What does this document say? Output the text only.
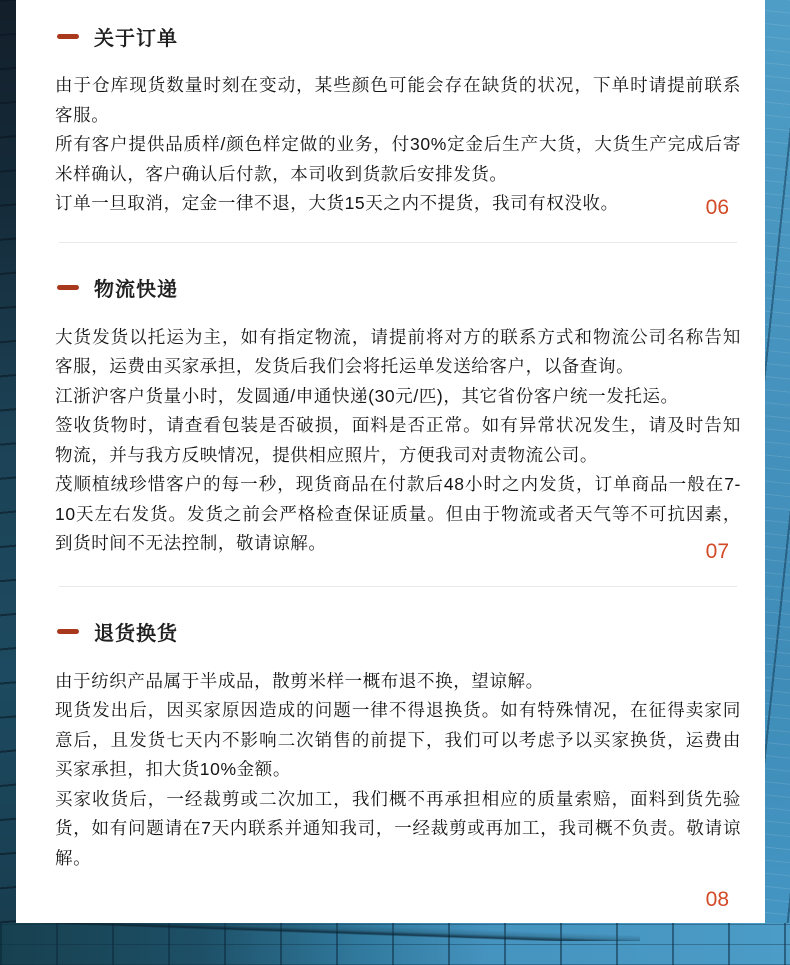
关于订单

由于仓库现货数量时刻在变动，某些颜色可能会存在缺货的状况，下单时请提前联系客服。

所有客户提供品质样/颜色样定做的业务，付30%定金后生产大货，大货生产完成后寄米样确认，客户确认后付款，本司收到货款后安排发货。

订单一旦取消，定金一律不退，大货15天之内不提货，我司有权没收。	06
物流快递

大货发货以托运为主，如有指定物流，请提前将对方的联系方式和物流公司名称告知客服，运费由买家承担，发货后我们会将托运单发送给客户，以备查询。

江浙沪客户货量小时，发圆通/申通快递(30元/匹)，其它省份客户统一发托运。

签收货物时，请查看包装是否破损，面料是否正常。如有异常状况发生，请及时告知物流，并与我方反映情况，提供相应照片，方便我司对责物流公司。

茂顺植绒珍惜客户的每一秒，现货商品在付款后48小时之内发货，订单商品一般在7-10天左右发货。发货之前会严格检查保证质量。但由于物流或者天气等不可抗因素，到货时间不无法控制，敬请谅解。	07
退货换货

由于纺织产品属于半成品，散剪米样一概布退不换，望谅解。

现货发出后，因买家原因造成的问题一律不得退换货。如有特殊情况，在征得卖家同意后，且发货七天内不影响二次销售的前提下，我们可以考虑予以买家换货，运费由买家承担，扣大货10%金额。

买家收货后，一经裁剪或二次加工，我们概不再承担相应的质量索赔，面料到货先验货，如有问题请在7天内联系并通知我司，一经裁剪或再加工，我司概不负责。敬请谅解。

08
